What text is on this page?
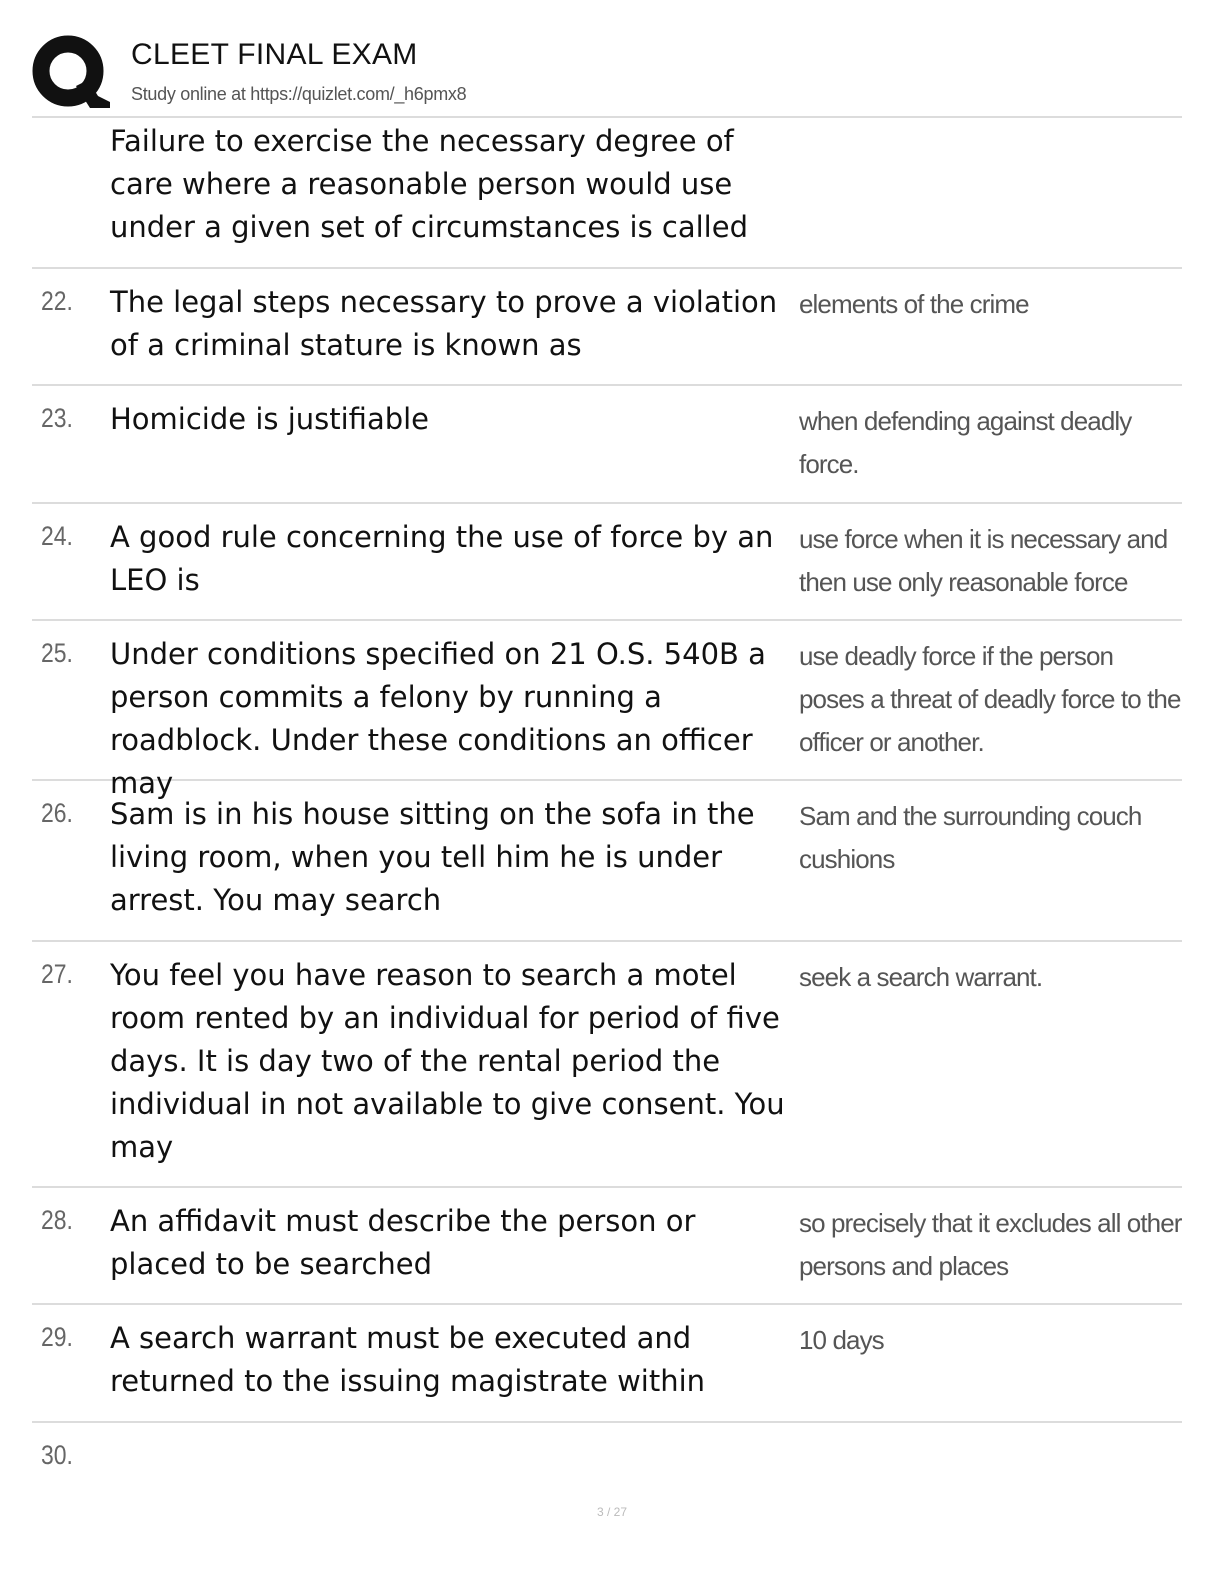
CLEET FINAL EXAM
Study online at https://quizlet.com/_h6pmx8
Failure to exercise the necessary degree of care where a reasonable person would use under a given set of circumstances is called
22. The legal steps necessary to prove a violation of a criminal stature is known as
elements of the crime
23. Homicide is justifiable	when defending against deadly force.
24. A good rule concerning the use of force by an LEO is
use force when it is necessary and then use only reasonable force
25. Under conditions specified on 21 O.S. 540B a person commits a felony by running a roadblock. Under these conditions an officer may
use deadly force if the person poses a threat of deadly force to the officer or another.
26. Sam is in his house sitting on the sofa in the living room, when you tell him he is under arrest. You may search
Sam and the surrounding couch cushions
27. You feel you have reason to search a motel room rented by an individual for period of five days. It is day two of the rental period the individual in not available to give consent. You may
seek a search warrant.
28. An affidavit must describe the person or placed to be searched
so precisely that it excludes all other persons and places
29. A search warrant must be executed and returned to the issuing magistrate within
10 days
30.
3 / 27
